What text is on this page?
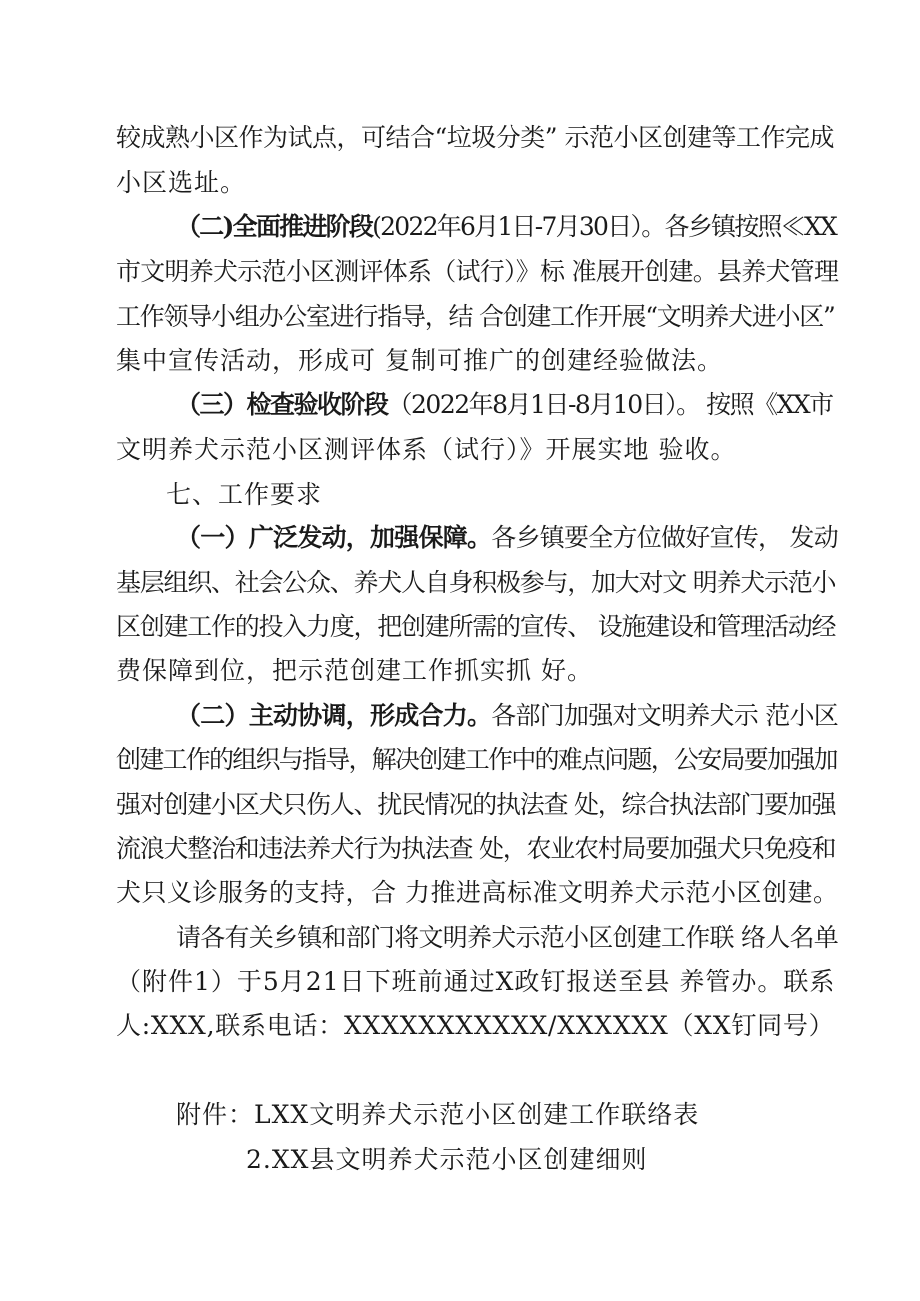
较成熟小区作为试点，可结合“垃圾分类” 示范小区创建等工作完成
小区选址。
（二)全面推进阶段(2022年6月1日-7月30日）。各乡镇按照≪XX
市文明养犬示范小区测评体系（试行）》标 准展开创建。县养犬管理
工作领导小组办公室进行指导，结 合创建工作开展“文明养犬进小区”
集中宣传活动，形成可 复制可推广的创建经验做法。
（三）检查验收阶段（2022年8月1日-8月10日）。 按照《XX市
文明养犬示范小区测评体系（试行）》开展实地 验收。
七、工作要求
（一）广泛发动，加强保障。各乡镇要全方位做好宣传， 发动
基层组织、社会公众、养犬人自身积极参与，加大对文 明养犬示范小
区创建工作的投入力度，把创建所需的宣传、 设施建设和管理活动经
费保障到位，把示范创建工作抓实抓 好。
（二）主动协调，形成合力。各部门加强对文明养犬示 范小区
创建工作的组织与指导，解决创建工作中的难点问题，公安局要加强加
强对创建小区犬只伤人、扰民情况的执法查 处，综合执法部门要加强
流浪犬整治和违法养犬行为执法查 处，农业农村局要加强犬只免疫和
犬只义诊服务的支持，合 力推进高标准文明养犬示范小区创建。
请各有关乡镇和部门将文明养犬示范小区创建工作联 络人名单
（附件1）于5月21日下班前通过X政钉报送至县 养管办。联系
人:XXX,联系电话：XXXXXXXXXXX/XXXXXX（XX钉同号）
附件：LXX文明养犬示范小区创建工作联络表
2.XX县文明养犬示范小区创建细则
